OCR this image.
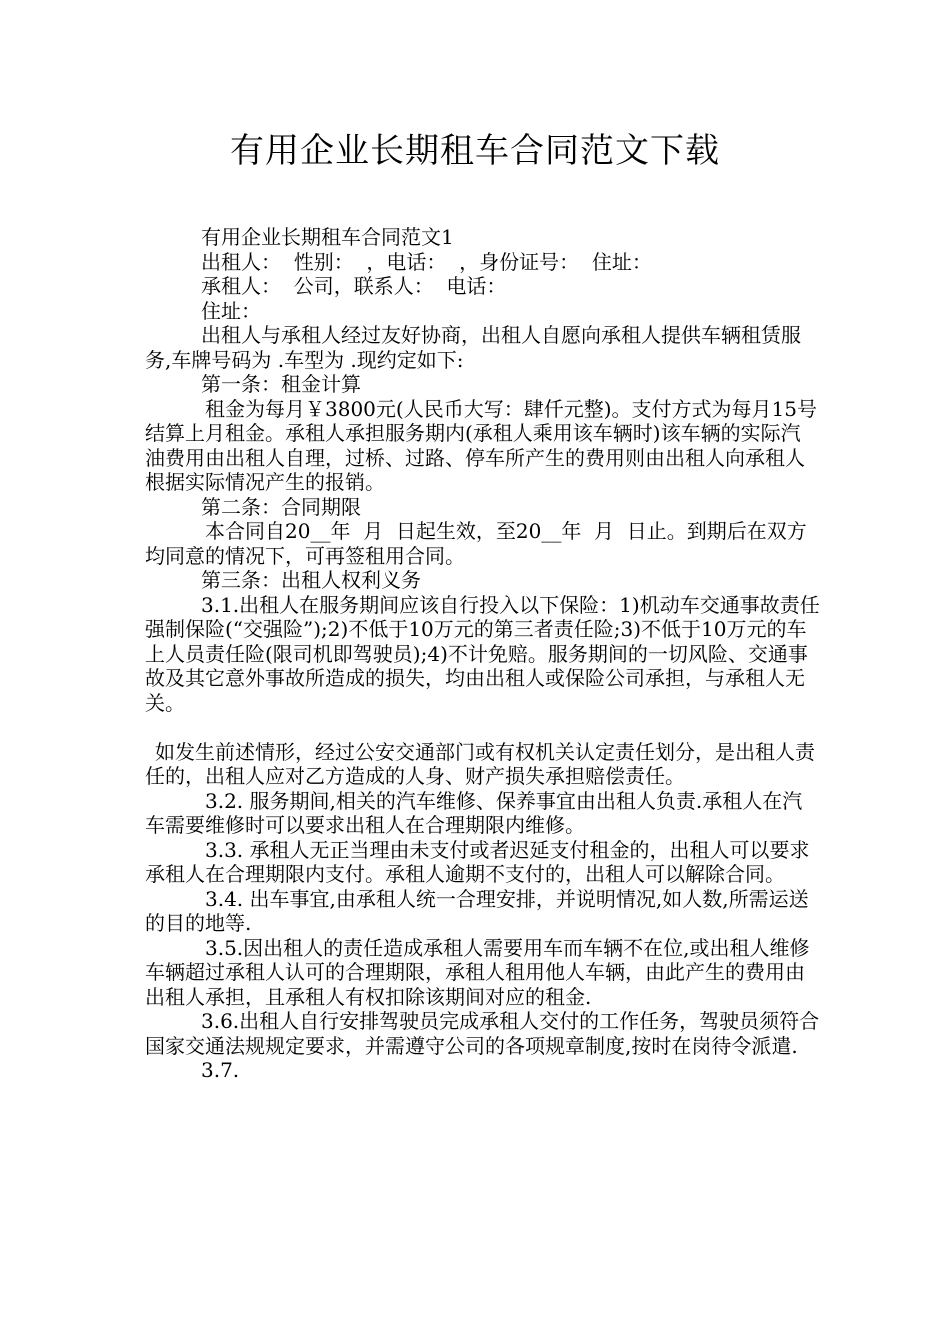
有用企业长期租车合同范文下载

有用企业长期租车合同范文1

出租人：  性别：  ，电话：  ，身份证号：  住址：

承租人：  公司，联系人：  电话：

住址：

出租人与承租人经过友好协商，出租人自愿向承租人提供车辆租赁服务,车牌号码为 .车型为 .现约定如下:

第一条：租金计算

租金为每月￥3800元(人民币大写：肆仟元整)。支付方式为每月15号结算上月租金。承租人承担服务期内(承租人乘用该车辆时)该车辆的实际汽油费用由出租人自理，过桥、过路、停车所产生的费用则由出租人向承租人根据实际情况产生的报销。

第二条：合同期限

本合同自20__年  月  日起生效，至20__年  月  日止。到期后在双方均同意的情况下，可再签租用合同。

第三条：出租人权利义务

3.1.出租人在服务期间应该自行投入以下保险：1)机动车交通事故责任强制保险(“交强险”);2)不低于10万元的第三者责任险;3)不低于10万元的车上人员责任险(限司机即驾驶员);4)不计免赔。服务期间的一切风险、交通事故及其它意外事故所造成的损失，均由出租人或保险公司承担，与承租人无关。

如发生前述情形，经过公安交通部门或有权机关认定责任划分，是出租人责任的，出租人应对乙方造成的人身、财产损失承担赔偿责任。

3.2. 服务期间,相关的汽车维修、保养事宜由出租人负责.承租人在汽车需要维修时可以要求出租人在合理期限内维修。

3.3. 承租人无正当理由未支付或者迟延支付租金的，出租人可以要求承租人在合理期限内支付。承租人逾期不支付的，出租人可以解除合同。

3.4. 出车事宜,由承租人统一合理安排，并说明情况,如人数,所需运送的目的地等.

3.5.因出租人的责任造成承租人需要用车而车辆不在位,或出租人维修车辆超过承租人认可的合理期限，承租人租用他人车辆，由此产生的费用由出租人承担，且承租人有权扣除该期间对应的租金.

3.6.出租人自行安排驾驶员完成承租人交付的工作任务，驾驶员须符合国家交通法规规定要求，并需遵守公司的各项规章制度,按时在岗待令派遣.

3.7.
